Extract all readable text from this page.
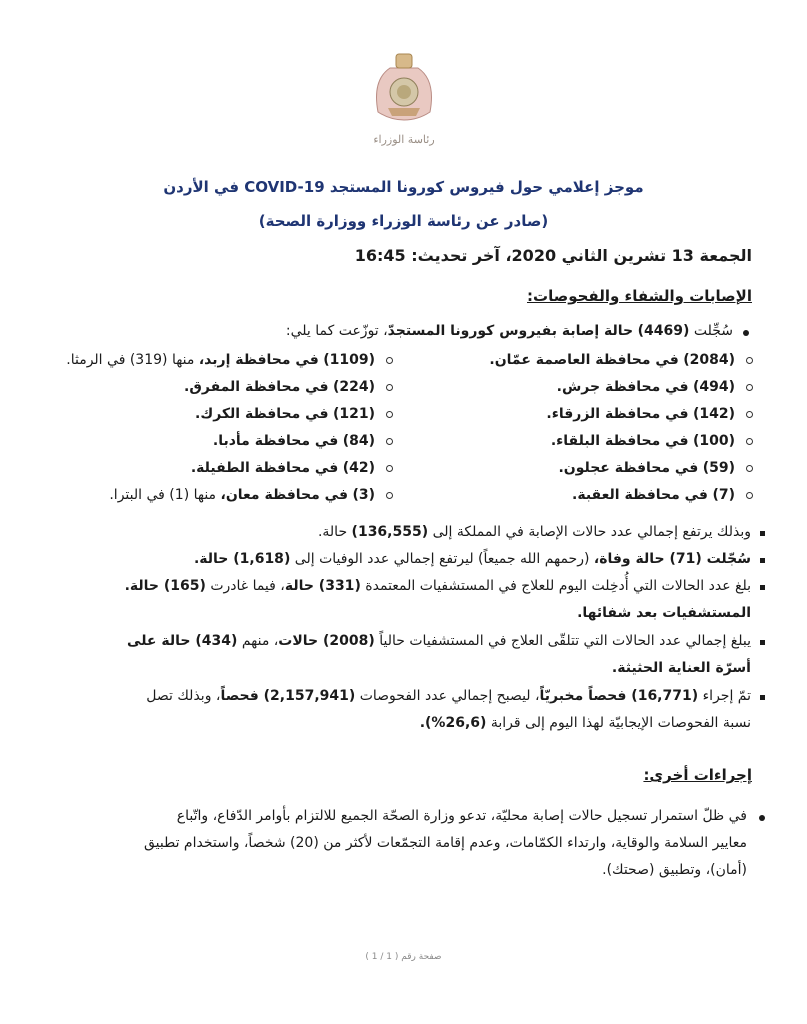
رئاسة الوزراء
موجز إعلامي حول فيروس كورونا المستجد COVID-19 في الأردن
(صادر عن رئاسة الوزراء ووزارة الصحة)
الجمعة 13 تشرين الثاني 2020، آخر تحديث: 16:45
الإصابات والشفاء والفحوصات:
سُجِّلت (4469) حالة إصابة بفيروس كورونا المستجدّ، توزّعت كما يلي:
(2084) في محافظة العاصمة عمّان.
(494) في محافظة جرش.
(142) في محافظة الزرقاء.
(100) في محافظة البلقاء.
(59) في محافظة عجلون.
(7) في محافظة العقبة.
(1109) في محافظة إربد، منها (319) في الرمثا.
(224) في محافظة المفرق.
(121) في محافظة الكرك.
(84) في محافظة مأدبا.
(42) في محافظة الطفيلة.
(3) في محافظة معان، منها (1) في البترا.
وبذلك يرتفع إجمالي عدد حالات الإصابة في المملكة إلى (136,555) حالة.
سُجّلت (71) حالة وفاة، (رحمهم الله جميعاً) ليرتفع إجمالي عدد الوفيات إلى (1,618) حالة.
بلغ عدد الحالات التي أُدخِلت اليوم للعلاج في المستشفيات المعتمدة (331) حالة، فيما غادرت (165) حالة.
المستشفيات بعد شفائها.
يبلغ إجمالي عدد الحالات التي تتلقّى العلاج في المستشفيات حالياً (2008) حالات، منهم (434) حالة على
أسرّة العناية الحثيثة.
تمّ إجراء (16,771) فحصاً مخبريّاً، ليصبح إجمالي عدد الفحوصات (2,157,941) فحصاً، وبذلك تصل
نسبة الفحوصات الإيجابيّة لهذا اليوم إلى قرابة (26,6%).
إجراءات أخرى:
في ظلّ استمرار تسجيل حالات إصابة محليّة، تدعو وزارة الصحّة الجميع للالتزام بأوامر الدّفاع، واتّباع
معايير السلامة والوقاية، وارتداء الكمّامات، وعدم إقامة التجمّعات لأكثر من (20) شخصاً، واستخدام تطبيق
(أمان)، وتطبيق (صحتك).
صفحة رقم ( 1 / 1 )
